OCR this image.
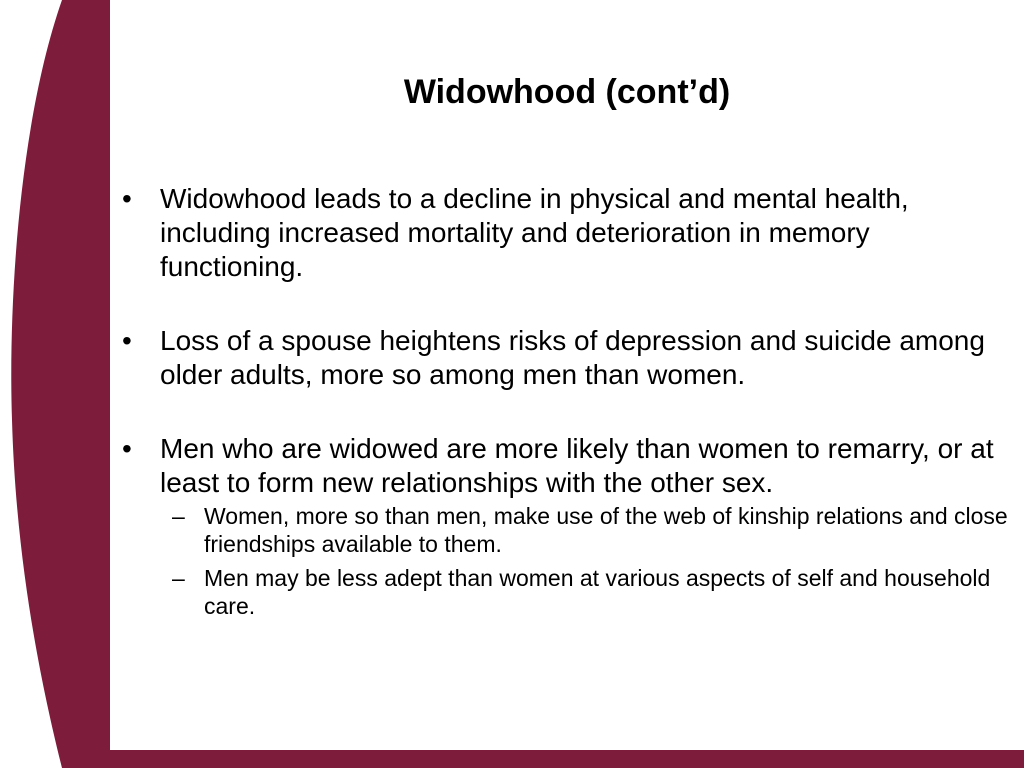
Widowhood (cont’d)
• Widowhood leads to a decline in physical and mental health, including increased mortality and deterioration in memory functioning.
• Loss of a spouse heightens risks of depression and suicide among older adults, more so among men than women.
• Men who are widowed are more likely than women to remarry, or at least to form new relationships with the other sex.
– Women, more so than men, make use of the web of kinship relations and close friendships available to them.
– Men may be less adept than women at various aspects of self and household care.
